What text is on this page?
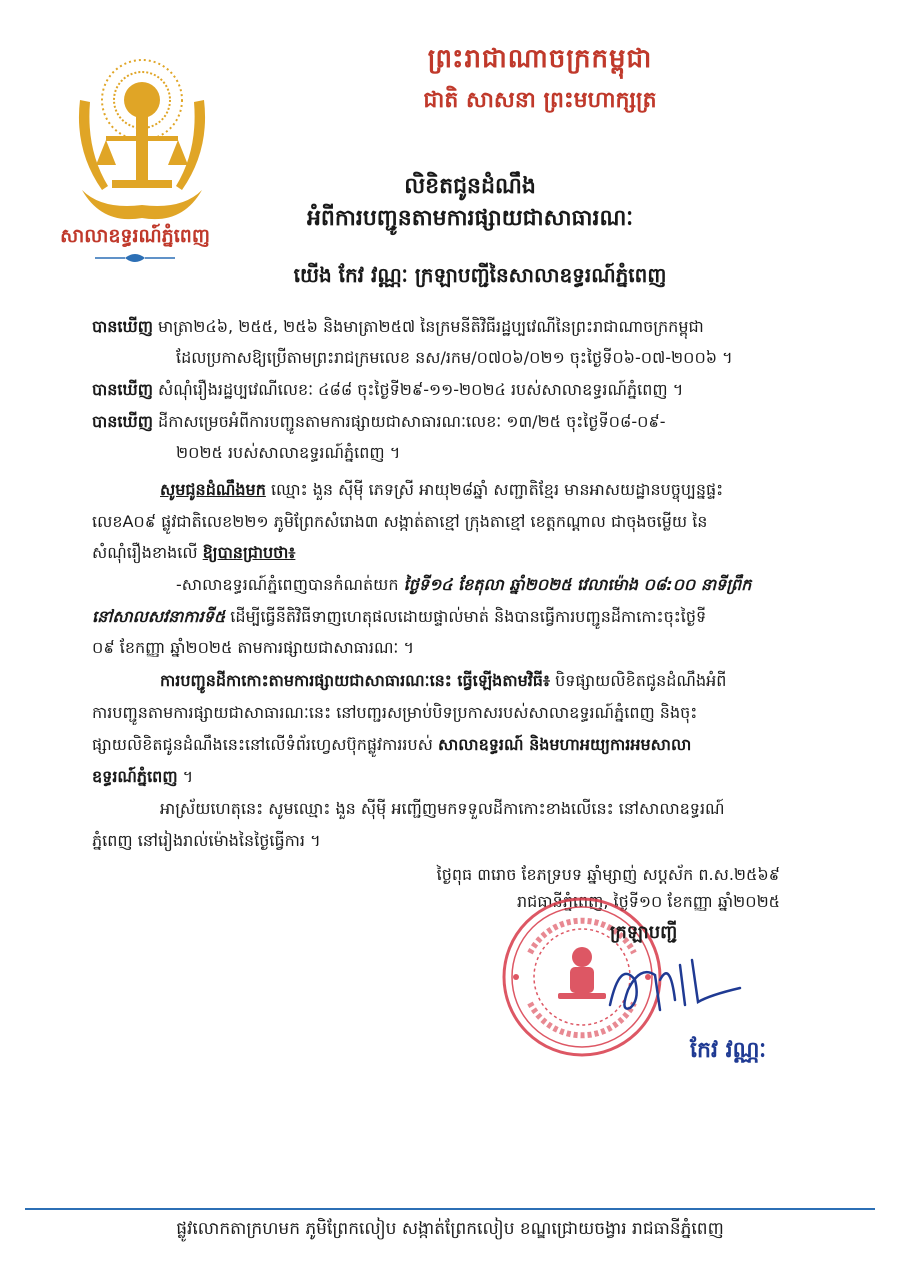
ព្រះរាជាណាចក្រកម្ពុជា
ជាតិ សាសនា ព្រះមហាក្សត្រ
សាលាឧទ្ធរណ៍ភ្នំពេញ
លិខិតជូនដំណឹង
អំពីការបញ្ជូនតាមការផ្សាយជាសាធារណៈ
យើង កែវ វណ្ណៈ ក្រឡាបញ្ជីនៃសាលាឧទ្ធរណ៍ភ្នំពេញ
បានឃើញ មាត្រា២៤៦, ២៥៥, ២៥៦ និងមាត្រា២៥៧ នៃក្រមនីតិវិធីរដ្ឋប្បវេណីនៃព្រះរាជាណាចក្រកម្ពុជា
ដែលប្រកាសឱ្យប្រើតាមព្រះរាជក្រមលេខ នស/រកម/០៧០៦/០២១ ចុះថ្ងៃទី០៦-០៧-២០០៦ ។
បានឃើញ សំណុំរឿងរដ្ឋប្បវេណីលេខៈ ៤៨៨ ចុះថ្ងៃទី២៩-១១-២០២៤ របស់សាលាឧទ្ធរណ៍ភ្នំពេញ ។
បានឃើញ ដីកាសម្រេចអំពីការបញ្ជូនតាមការផ្សាយជាសាធារណៈលេខៈ ១៣/២៥ ចុះថ្ងៃទី០៨-០៩-
២០២៥ របស់សាលាឧទ្ធរណ៍ភ្នំពេញ ។
សូមជូនដំណឹងមក ឈ្មោះ ងួន ស៊ីម៉ី ភេទស្រី អាយុ២៨ឆ្នាំ សញ្ជាតិខ្មែរ មានអាសយដ្ឋានបច្ចុប្បន្នផ្ទះ
លេខA០៩ ផ្លូវជាតិលេខ២២១ ភូមិព្រែកសំរោង៣ សង្កាត់តាខ្មៅ ក្រុងតាខ្មៅ ខេត្តកណ្ដាល ជាចុងចម្លើយ នៃ
សំណុំរឿងខាងលើ ឱ្យបានជ្រាបថា៖
-សាលាឧទ្ធរណ៍ភ្នំពេញបានកំណត់យក ថ្ងៃទី១៤ ខែតុលា ឆ្នាំ២០២៥ វេលាម៉ោង ០៨:០០ នាទីព្រឹក
នៅសាលសវនាការទី៥ ដើម្បីធ្វើនីតិវិធីទាញហេតុផលដោយផ្ទាល់មាត់ និងបានធ្វើការបញ្ជូនដីកាកោះចុះថ្ងៃទី
០៩ ខែកញ្ញា ឆ្នាំ២០២៥ តាមការផ្សាយជាសាធារណៈ ។
ការបញ្ជូនដីកាកោះតាមការផ្សាយជាសាធារណៈនេះ ធ្វើឡើងតាមវិធី៖ បិទផ្សាយលិខិតជូនដំណឹងអំពី
ការបញ្ជូនតាមការផ្សាយជាសាធារណៈនេះ នៅបញ្ជរសម្រាប់បិទប្រកាសរបស់សាលាឧទ្ធរណ៍ភ្នំពេញ និងចុះ
ផ្សាយលិខិតជូនដំណឹងនេះនៅលើទំព័រហ្វេសប៊ុកផ្លូវការរបស់ សាលាឧទ្ធរណ៍ និងមហាអយ្យការអមសាលា
ឧទ្ធរណ៍ភ្នំពេញ ។
អាស្រ័យហេតុនេះ សូមឈ្មោះ ងួន ស៊ីម៉ី អញ្ជើញមកទទួលដីកាកោះខាងលើនេះ នៅសាលាឧទ្ធរណ៍
ភ្នំពេញ នៅរៀងរាល់ម៉ោងនៃថ្ងៃធ្វើការ ។
ថ្ងៃពុធ ៣រោច ខែភទ្របទ ឆ្នាំម្សាញ់ សប្តស័ក ព.ស.២៥៦៩
រាជធានីភ្នំពេញ, ថ្ងៃទី១០ ខែកញ្ញា ឆ្នាំ២០២៥
ក្រឡាបញ្ជី
កែវ វណ្ណៈ
ផ្លូវលោកតាក្រហមក ភូមិព្រែកលៀប សង្កាត់ព្រែកលៀប ខណ្ឌជ្រោយចង្វារ រាជធានីភ្នំពេញ
